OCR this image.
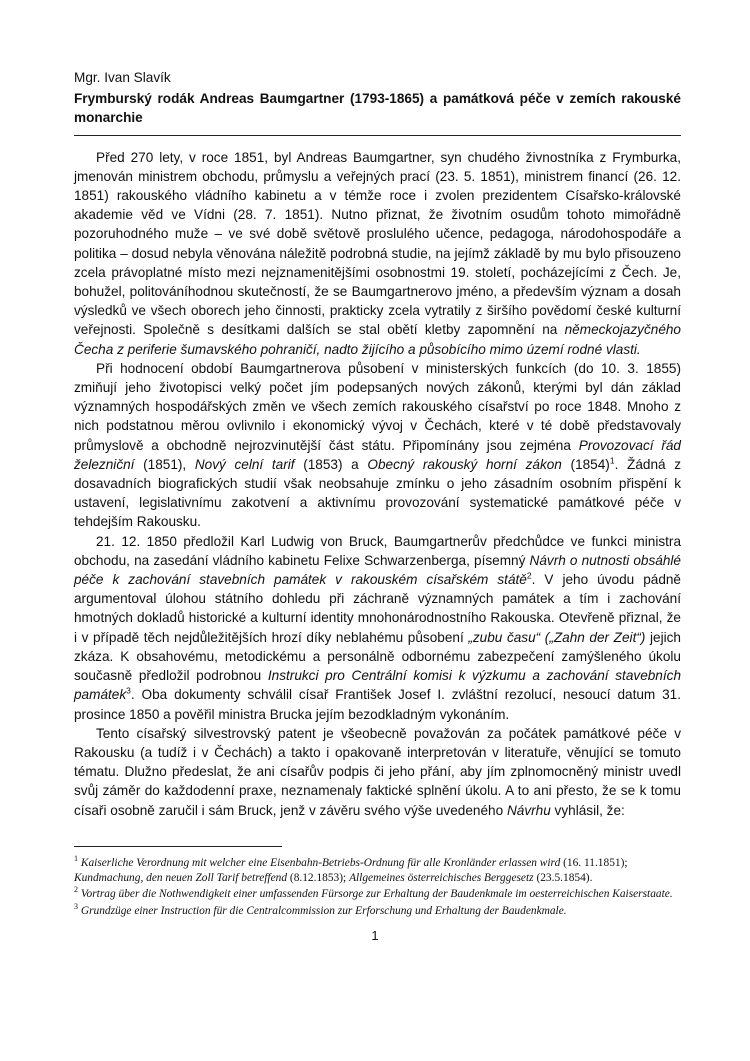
Mgr. Ivan Slavík

Frymburský rodák Andreas Baumgartner (1793-1865) a památková péče v zemích rakouské monarchie

Před 270 lety, v roce 1851, byl Andreas Baumgartner, syn chudého živnostníka z Frymburka, jmenován ministrem obchodu, průmyslu a veřejných prací (23. 5. 1851), ministrem financí (26. 12. 1851) rakouského vládního kabinetu a v témže roce i zvolen prezidentem Císařsko-královské akademie věd ve Vídni (28. 7. 1851). Nutno přiznat, že životním osudům tohoto mimořádně pozoruhodného muže – ve své době světově proslulého učence, pedagoga, národohospodáře a politika – dosud nebyla věnována náležitě podrobná studie, na jejímž základě by mu bylo přisouzeno zcela právoplatné místo mezi nejznamenitějšími osobnostmi 19. století, pocházejícími z Čech. Je, bohužel, politováníhodnou skutečností, že se Baumgartnerovo jméno, a především význam a dosah výsledků ve všech oborech jeho činnosti, prakticky zcela vytratily z širšího povědomí české kulturní veřejnosti. Společně s desítkami dalších se stal obětí kletby zapomnění na německojazyčného Čecha z periferie šumavského pohraničí, nadto žijícího a působícího mimo území rodné vlasti.

Při hodnocení období Baumgartnerova působení v ministerských funkcích (do 10. 3. 1855) zmiňují jeho životopisci velký počet jím podepsaných nových zákonů, kterými byl dán základ významných hospodářských změn ve všech zemích rakouského císařství po roce 1848. Mnoho z nich podstatnou měrou ovlivnilo i ekonomický vývoj v Čechách, které v té době představovaly průmyslově a obchodně nejrozvinutější část státu. Připomínány jsou zejména Provozovací řád železniční (1851), Nový celní tarif (1853) a Obecný rakouský horní zákon $(1854)^1$. Žádná z dosavadních biografických studií však neobsahuje zmínku o jeho zásadním osobním přispění k ustavení, legislativnímu zakotvení a aktivnímu provozování systematické památkové péče v tehdejším Rakousku.

21. 12. 1850 předložil Karl Ludwig von Bruck, Baumgartnerův předchůdce ve funkci ministra obchodu, na zasedání vládního kabinetu Felixe Schwarzenberga, písemný Návrh o nutnosti obsáhlé péče k zachování stavebních památek v rakouském císařském státě$^2$. V jeho úvodu pádně argumentoval úlohou státního dohledu při záchraně významných památek a tím i zachování hmotných dokladů historické a kulturní identity mnohonárodnostního Rakouska. Otevřeně přiznal, že i v případě těch nejdůležitějších hrozí díky neblahému působení „zubu času“ („Zahn der Zeit“) jejich zkáza. K obsahovému, metodickému a personálně odbornému zabezpečení zamýšleného úkolu současně předložil podrobnou Instrukci pro Centrální komisi k výzkumu a zachování stavebních památek$^3$. Oba dokumenty schválil císař František Josef I. zvláštní rezolucí, nesoucí datum 31. prosince 1850 a pověřil ministra Brucka jejím bezodkladným vykonáním.

Tento císařský silvestrovský patent je všeobecně považován za počátek památkové péče v Rakousku (a tudíž i v Čechách) a takto i opakovaně interpretován v literatuře, věnující se tomuto tématu. Dlužno předeslat, že ani císařův podpis či jeho přání, aby jím zplnomocněný ministr uvedl svůj záměr do každodenní praxe, neznamenaly faktické splnění úkolu. A to ani přesto, že se k tomu císaři osobně zaručil i sám Bruck, jenž v závěru svého výše uvedeného Návrhu vyhlásil, že:

$^1$ Kaiserliche Verordnung mit welcher eine Eisenbahn-Betriebs-Ordnung für alle Kronländer erlassen wird (16. 11.1851); Kundmachung, den neuen Zoll Tarif betreffend (8.12.1853); Allgemeines österreichisches Berggesetz (23.5.1854).

$^2$ Vortrag über die Nothwendigkeit einer umfassenden Fürsorge zur Erhaltung der Baudenkmale im oesterreichischen Kaiserstaate.

$^3$ Grundzüge einer Instruction für die Centralcommission zur Erforschung und Erhaltung der Baudenkmale.

1
